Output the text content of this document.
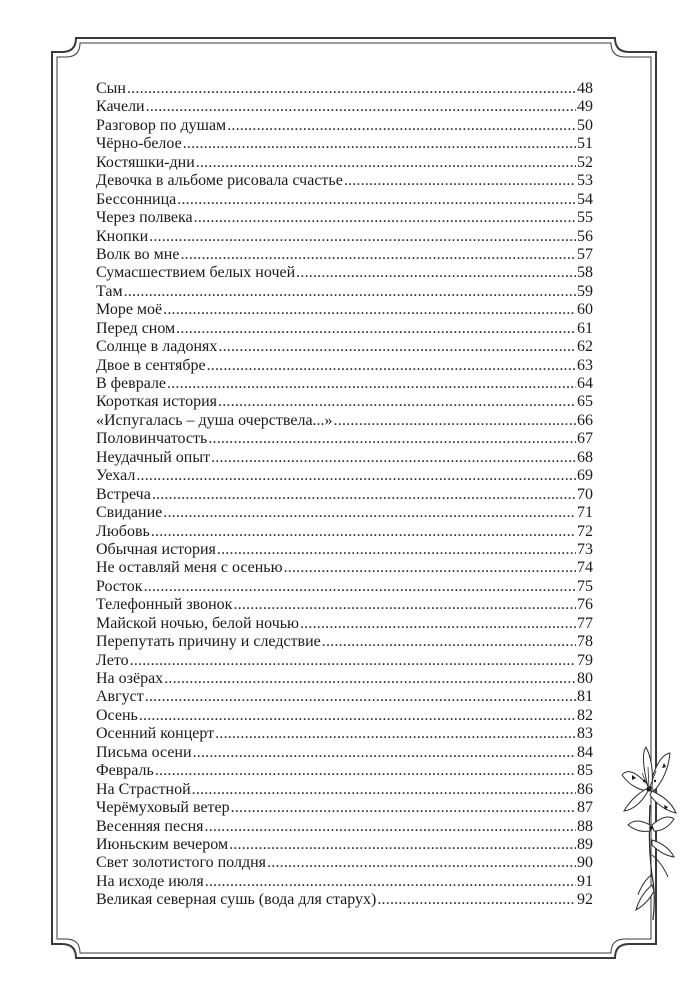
Сын .....	48
Качели .....	49
Разговор по душам .....	50
Чёрно-белое .....	51
Костяшки-дни .....	52
Девочка в альбоме рисовала счастье .....	53
Бессонница .....	54
Через полвека .....	55
Кнопки .....	56
Волк во мне .....	57
Сумасшествием белых ночей .....	58
Там .....	59
Море моё .....	60
Перед сном .....	61
Солнце в ладонях .....	62
Двое в сентябре .....	63
В феврале .....	64
Короткая история .....	65
«Испугалась – душа очерствела...» .....	66
Половинчатость .....	67
Неудачный опыт .....	68
Уехал .....	69
Встреча .....	70
Свидание .....	71
Любовь .....	72
Обычная история .....	73
Не оставляй меня с осенью .....	74
Росток .....	75
Телефонный звонок .....	76
Майской ночью, белой ночью .....	77
Перепутать причину и следствие .....	78
Лето .....	79
На озёрах .....	80
Август .....	81
Осень .....	82
Осенний концерт .....	83
Письма осени .....	84
Февраль .....	85
На Страстной .....	86
Черёмуховый ветер .....	87
Весенняя песня .....	88
Июньским вечером .....	89
Свет золотистого полдня .....	90
На исходе июля .....	91
Великая северная сушь (вода для старух) .....	92
